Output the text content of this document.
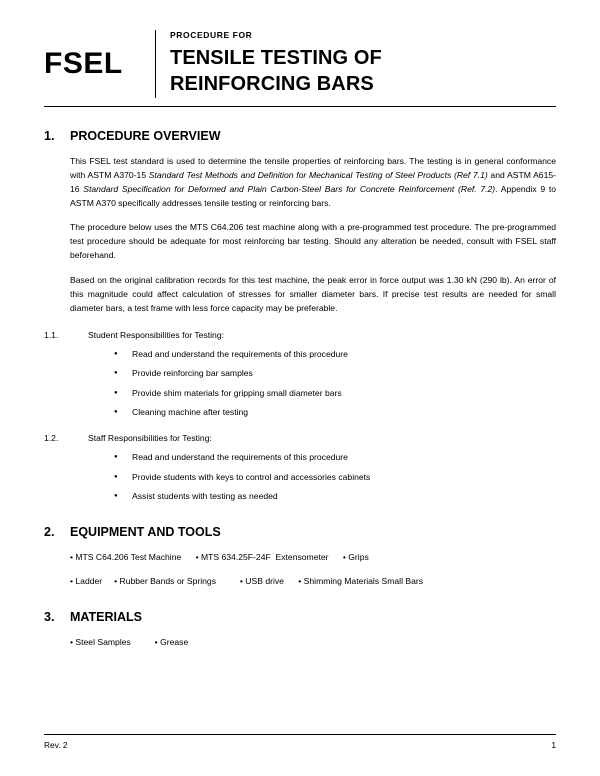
FSEL
PROCEDURE FOR
TENSILE TESTING OF
REINFORCING BARS
1.	PROCEDURE OVERVIEW

This FSEL test standard is used to determine the tensile properties of reinforcing bars. The testing is in general conformance with ASTM A370-15 Standard Test Methods and Definition for Mechanical Testing of Steel Products (Ref 7.1) and ASTM A615-16 Standard Specification for Deformed and Plain Carbon-Steel Bars for Concrete Reinforcement (Ref. 7.2). Appendix 9 to ASTM A370 specifically addresses tensile testing or reinforcing bars.

The procedure below uses the MTS C64.206 test machine along with a pre-programmed test procedure. The pre-programmed test procedure should be adequate for most reinforcing bar testing. Should any alteration be needed, consult with FSEL staff beforehand.

Based on the original calibration records for this test machine, the peak error in force output was 1.30 kN (290 lb). An error of this magnitude could affect calculation of stresses for smaller diameter bars. If precise test results are needed for small diameter bars, a test frame with less force capacity may be preferable.

1.1.	Student Responsibilities for Testing:
● Read and understand the requirements of this procedure
● Provide reinforcing bar samples
● Provide shim materials for gripping small diameter bars
● Cleaning machine after testing
1.2.	Staff Responsibilities for Testing:
● Read and understand the requirements of this procedure
● Provide students with keys to control and accessories cabinets
● Assist students with testing as needed
2.	EQUIPMENT AND TOOLS
• MTS C64.206 Test Machine      • MTS 634.25F-24F  Extensometer      • Grips
• Ladder     • Rubber Bands or Springs          • USB drive      • Shimming Materials Small Bars
3.	MATERIALS
• Steel Samples          • Grease
Rev. 2	1
